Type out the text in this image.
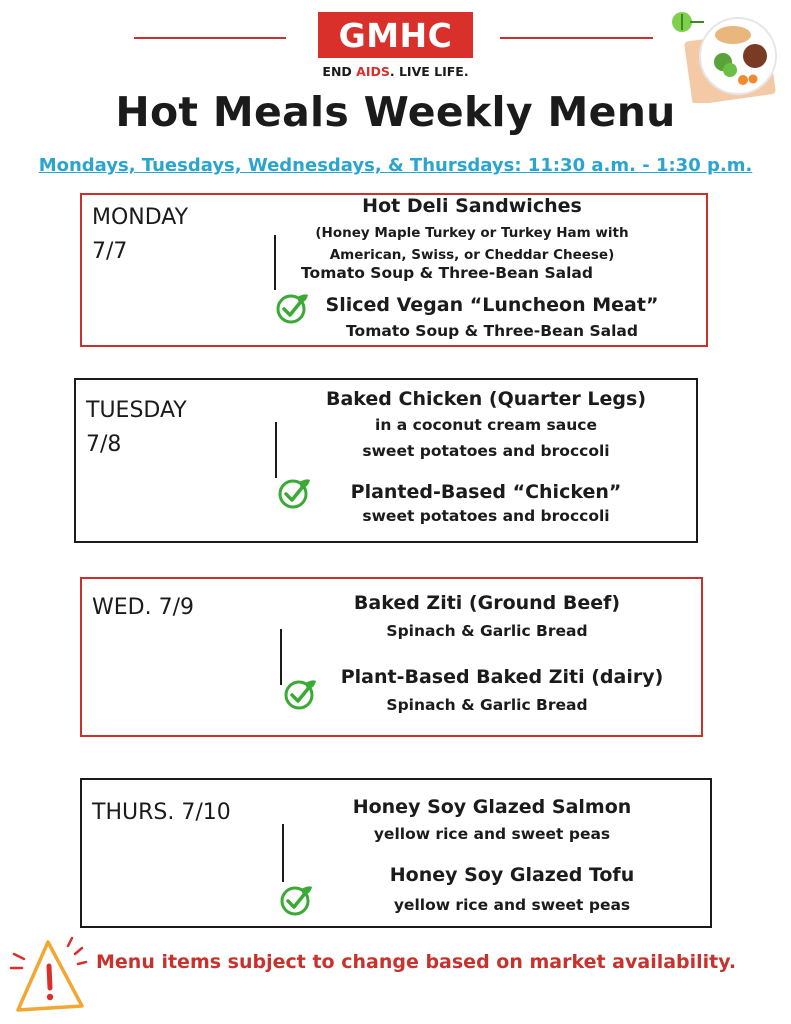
GMHC
END AIDS. LIVE LIFE.
Hot Meals Weekly Menu
Mondays, Tuesdays, Wednesdays, & Thursdays: 11:30 a.m. - 1:30 p.m.
MONDAY
7/7
Hot Deli Sandwiches
(Honey Maple Turkey or Turkey Ham with
American, Swiss, or Cheddar Cheese)
Tomato Soup & Three-Bean Salad
Sliced Vegan “Luncheon Meat”
Tomato Soup & Three-Bean Salad
TUESDAY
7/8
Baked Chicken (Quarter Legs)
in a coconut cream sauce
sweet potatoes and broccoli
Planted-Based “Chicken”
sweet potatoes and broccoli
WED. 7/9	Baked Ziti (Ground Beef)
Spinach & Garlic Bread
Plant-Based Baked Ziti (dairy)
Spinach & Garlic Bread
THURS. 7/10	Honey Soy Glazed Salmon
yellow rice and sweet peas
Honey Soy Glazed Tofu
yellow rice and sweet peas
Menu items subject to change based on market availability.
